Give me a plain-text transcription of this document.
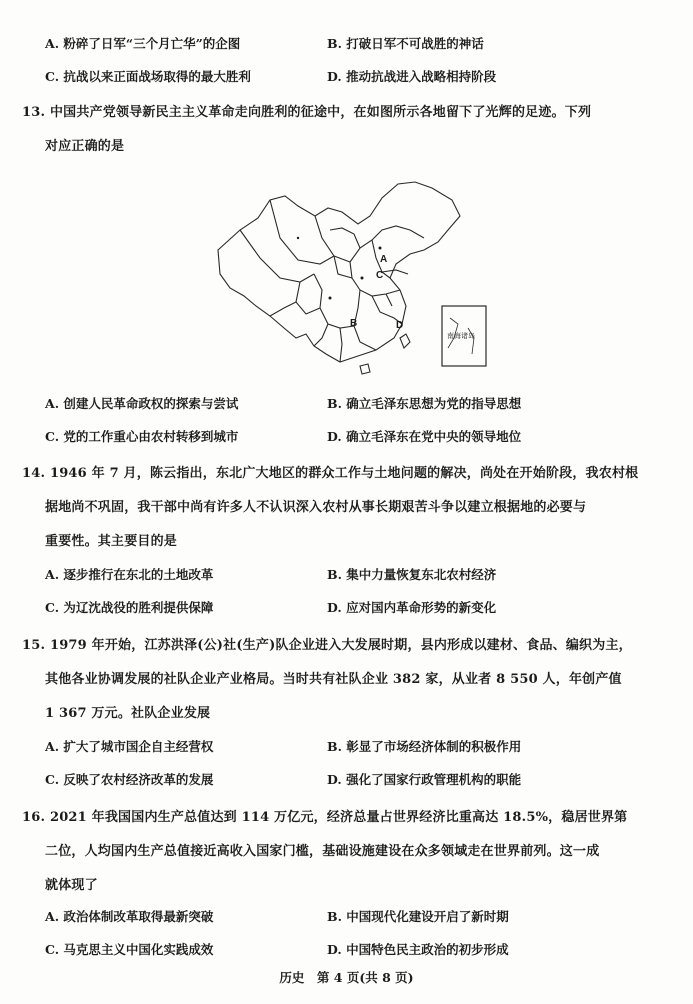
A. 粉碎了日军“三个月亡华”的企图	B. 打破日军不可战胜的神话
C. 抗战以来正面战场取得的最大胜利	D. 推动抗战进入战略相持阶段
13. 中国共产党领导新民主主义革命走向胜利的征途中，在如图所示各地留下了光辉的足迹。下列
对应正确的是
A
B
C
D
南海诸岛
A. 创建人民革命政权的探索与尝试	B. 确立毛泽东思想为党的指导思想
C. 党的工作重心由农村转移到城市	D. 确立毛泽东在党中央的领导地位
14. 1946 年 7 月，陈云指出，东北广大地区的群众工作与土地问题的解决，尚处在开始阶段，我农村根
据地尚不巩固，我干部中尚有许多人不认识深入农村从事长期艰苦斗争以建立根据地的必要与
重要性。其主要目的是
A. 逐步推行在东北的土地改革	B. 集中力量恢复东北农村经济
C. 为辽沈战役的胜利提供保障	D. 应对国内革命形势的新变化
15. 1979 年开始，江苏洪泽(公)社(生产)队企业进入大发展时期，县内形成以建材、食品、编织为主，
其他各业协调发展的社队企业产业格局。当时共有社队企业 382 家，从业者 8 550 人，年创产值
1 367 万元。社队企业发展
A. 扩大了城市国企自主经营权	B. 彰显了市场经济体制的积极作用
C. 反映了农村经济改革的发展	D. 强化了国家行政管理机构的职能
16. 2021 年我国国内生产总值达到 114 万亿元，经济总量占世界经济比重高达 18.5%，稳居世界第
二位，人均国内生产总值接近高收入国家门槛，基础设施建设在众多领域走在世界前列。这一成
就体现了
A. 政治体制改革取得最新突破	B. 中国现代化建设开启了新时期
C. 马克思主义中国化实践成效	D. 中国特色民主政治的初步形成
历史　第 4 页(共 8 页)
